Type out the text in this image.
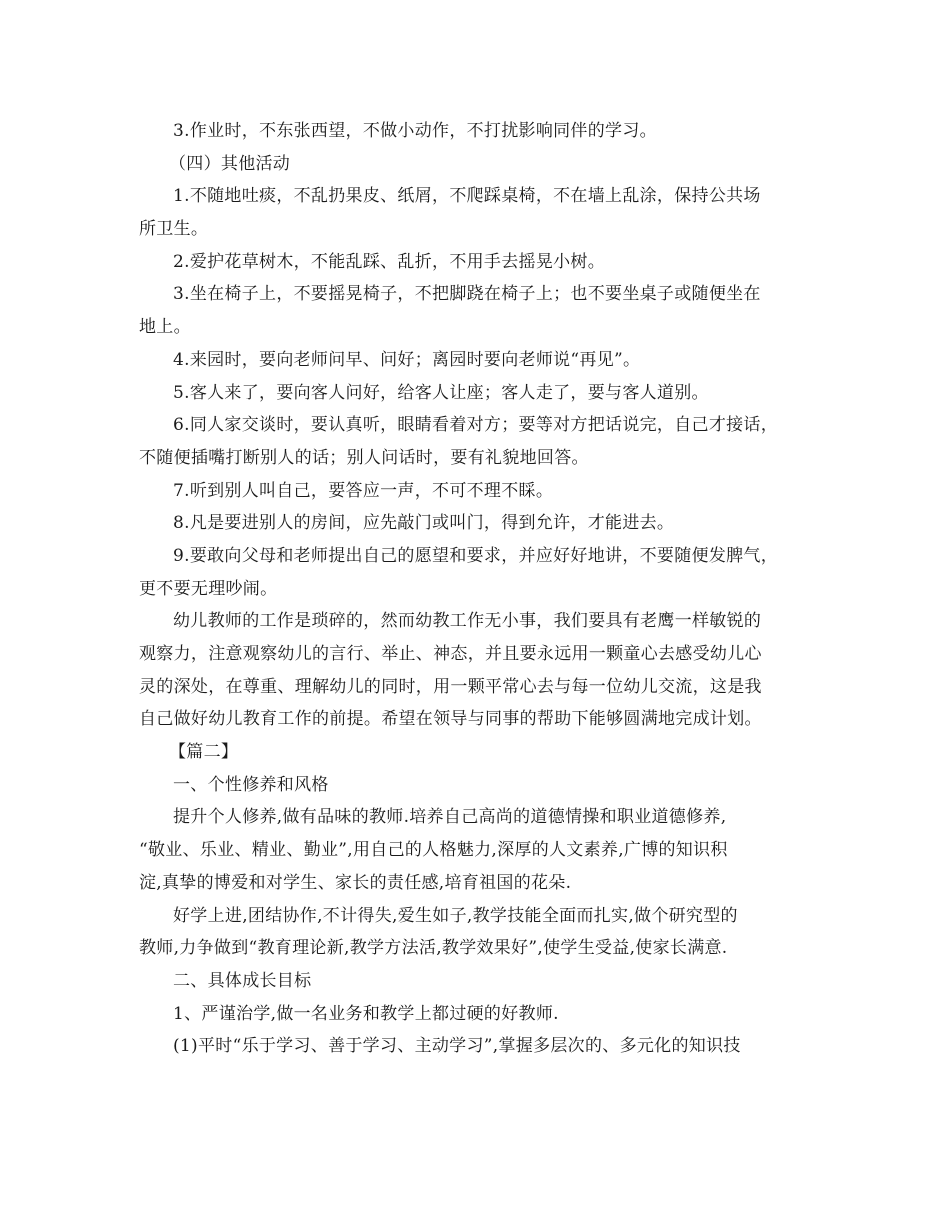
3.作业时，不东张西望，不做小动作，不打扰影响同伴的学习。
（四）其他活动
1.不随地吐痰，不乱扔果皮、纸屑，不爬踩桌椅，不在墙上乱涂，保持公共场
所卫生。
2.爱护花草树木，不能乱踩、乱折，不用手去摇晃小树。
3.坐在椅子上，不要摇晃椅子，不把脚跷在椅子上；也不要坐桌子或随便坐在
地上。
4.来园时，要向老师问早、问好；离园时要向老师说“再见”。
5.客人来了，要向客人问好，给客人让座；客人走了，要与客人道别。
6.同人家交谈时，要认真听，眼睛看着对方；要等对方把话说完，自己才接话，
不随便插嘴打断别人的话；别人问话时，要有礼貌地回答。
7.听到别人叫自己，要答应一声，不可不理不睬。
8.凡是要进别人的房间，应先敲门或叫门，得到允许，才能进去。
9.要敢向父母和老师提出自己的愿望和要求，并应好好地讲，不要随便发脾气，
更不要无理吵闹。
幼儿教师的工作是琐碎的，然而幼教工作无小事，我们要具有老鹰一样敏锐的
观察力，注意观察幼儿的言行、举止、神态，并且要永远用一颗童心去感受幼儿心
灵的深处，在尊重、理解幼儿的同时，用一颗平常心去与每一位幼儿交流，这是我
自己做好幼儿教育工作的前提。希望在领导与同事的帮助下能够圆满地完成计划。
【篇二】
一、个性修养和风格
提升个人修养,做有品味的教师.培养自己高尚的道德情操和职业道德修养,
“敬业、乐业、精业、勤业”,用自己的人格魅力,深厚的人文素养,广博的知识积
淀,真挚的博爱和对学生、家长的责任感,培育祖国的花朵.
好学上进,团结协作,不计得失,爱生如子,教学技能全面而扎实,做个研究型的
教师,力争做到“教育理论新,教学方法活,教学效果好”,使学生受益,使家长满意.
二、具体成长目标
1、严谨治学,做一名业务和教学上都过硬的好教师.
(1)平时“乐于学习、善于学习、主动学习”,掌握多层次的、多元化的知识技
